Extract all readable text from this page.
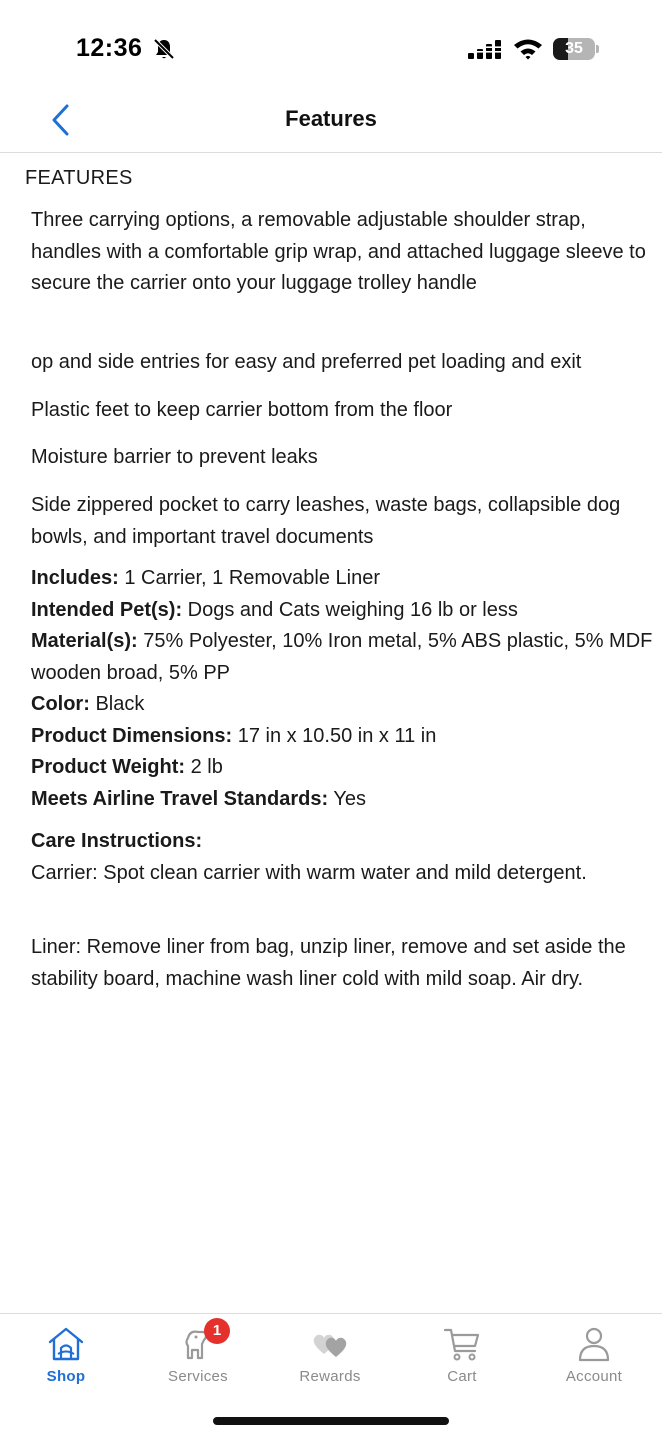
12:36	35
Features
FEATURES
Three carrying options, a removable adjustable shoulder strap, handles with a comfortable grip wrap, and attached luggage sleeve to secure the carrier onto your luggage trolley handle
op and side entries for easy and preferred pet loading and exit
Plastic feet to keep carrier bottom from the floor
Moisture barrier to prevent leaks
Side zippered pocket to carry leashes, waste bags, collapsible dog bowls, and important travel documents
Includes: 1 Carrier, 1 Removable Liner
Intended Pet(s): Dogs and Cats weighing 16 lb or less
Material(s): 75% Polyester, 10% Iron metal, 5% ABS plastic, 5% MDF wooden broad, 5% PP
Color: Black
Product Dimensions: 17 in x 10.50 in x 11 in
Product Weight: 2 lb
Meets Airline Travel Standards: Yes
Care Instructions:
Carrier: Spot clean carrier with warm water and mild detergent.
Liner: Remove liner from bag, unzip liner, remove and set aside the stability board, machine wash liner cold with mild soap. Air dry.
Shop
1
Services	Rewards	Cart	Account
